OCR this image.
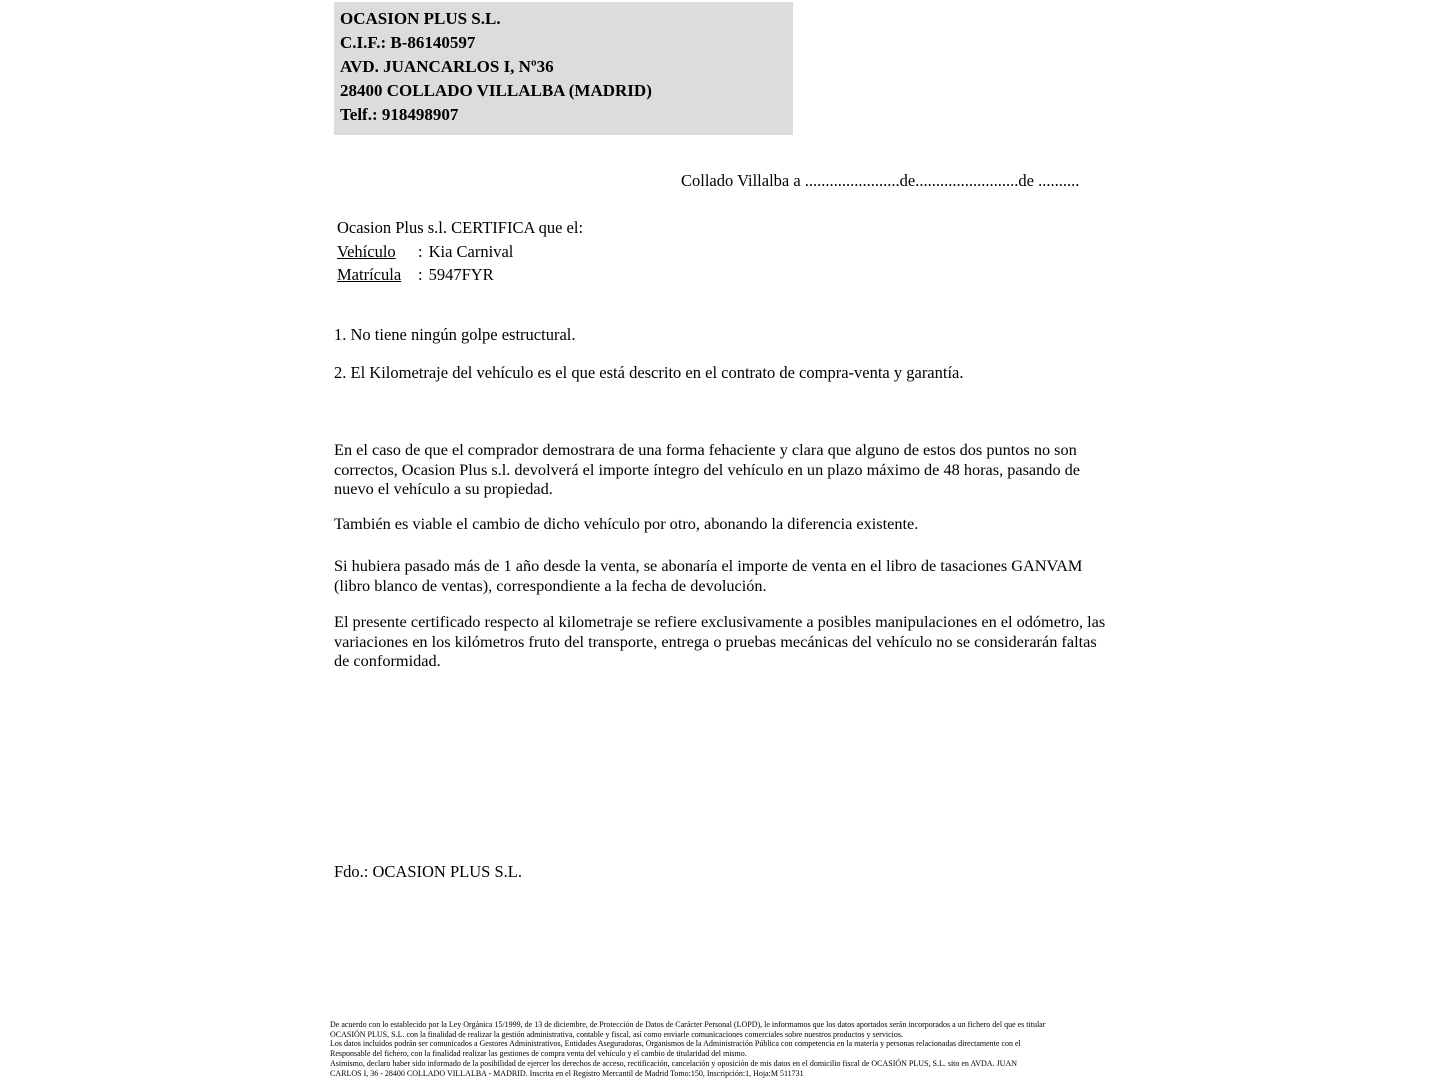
OCASION PLUS S.L.
C.I.F.: B-86140597
AVD. JUANCARLOS I, Nº36
28400 COLLADO VILLALBA (MADRID)
Telf.: 918498907
Collado Villalba a .......................de.........................de ..........
Ocasion Plus s.l. CERTIFICA que el:
Vehículo : Kia Carnival
Matrícula : 5947FYR
1. No tiene ningún golpe estructural.
2. El Kilometraje del vehículo es el que está descrito en el contrato de compra-venta y garantía.
En el caso de que el comprador demostrara de una forma fehaciente y clara que alguno de estos dos puntos no son correctos, Ocasion Plus s.l. devolverá el importe íntegro del vehículo en un plazo máximo de 48 horas, pasando de nuevo el vehículo a su propiedad.
También es viable el cambio de dicho vehículo por otro, abonando la diferencia existente.
Si hubiera pasado más de 1 año desde la venta, se abonaría el importe de venta en el libro de tasaciones GANVAM (libro blanco de ventas), correspondiente a la fecha de devolución.
El presente certificado respecto al kilometraje se refiere exclusivamente a posibles manipulaciones en el odómetro, las variaciones en los kilómetros fruto del transporte, entrega o pruebas mecánicas del vehículo no se considerarán faltas de conformidad.
Fdo.: OCASION PLUS S.L.
De acuerdo con lo establecido por la Ley Orgánica 15/1999, de 13 de diciembre, de Protección de Datos de Carácter Personal (LOPD), le informamos que los datos aportados serán incorporados a un fichero del que es titular
OCASIÓN PLUS, S.L. con la finalidad de realizar la gestión administrativa, contable y fiscal, así como enviarle comunicaciones comerciales sobre nuestros productos y servicios.
Los datos incluidos podrán ser comunicados a Gestores Administrativos, Entidades Aseguradoras, Organismos de la Administración Pública con competencia en la materia y personas relacionadas directamente con el
Responsable del fichero, con la finalidad realizar las gestiones de compra venta del vehículo y el cambio de titularidad del mismo.
Asimismo, declaro haber sido informado de la posibilidad de ejercer los derechos de acceso, rectificación, cancelación y oposición de mis datos en el domicilio fiscal de OCASIÓN PLUS, S.L. sito en AVDA. JUAN
CARLOS I, 36 - 28400 COLLADO VILLALBA - MADRID. Inscrita en el Registro Mercantil de Madrid Tomo:150, Inscripción:1, Hoja:M 511731
